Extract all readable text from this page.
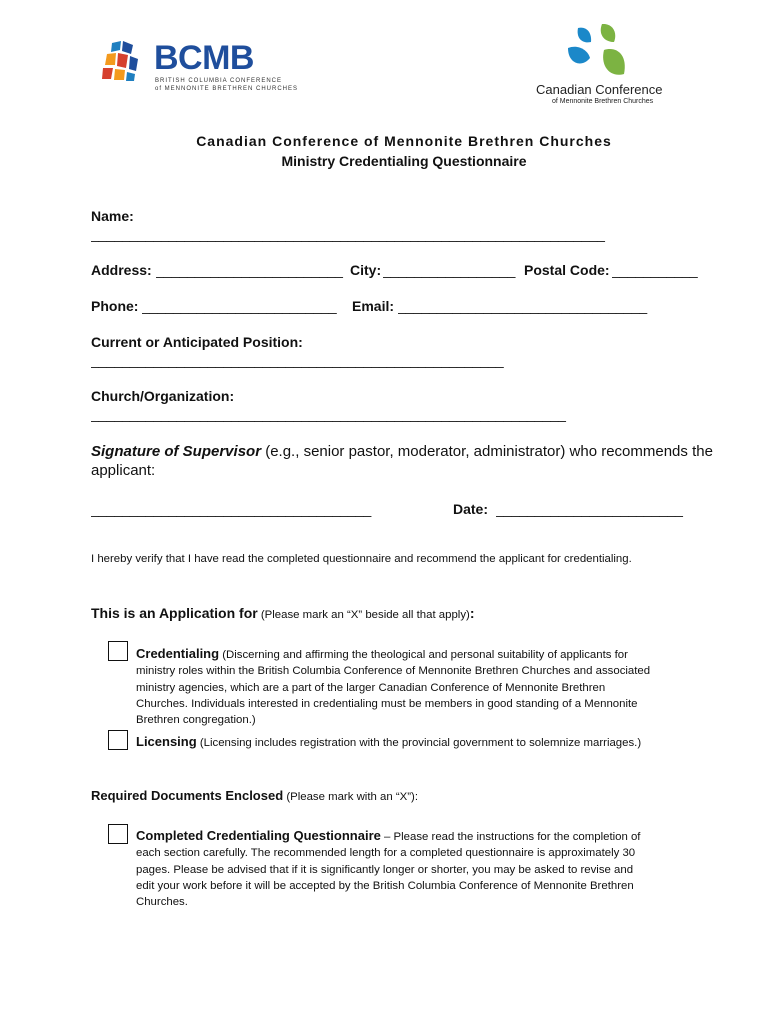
BCMB
BRITISH COLUMBIA CONFERENCE
of MENNONITE BRETHREN CHURCHES	Canadian Conference
of Mennonite Brethren Churches
Canadian Conference of Mennonite Brethren Churches
Ministry Credentialing Questionnaire
Name:
__________________________________________________________________
Address: ________________________ City: _________________ Postal Code: ___________
Phone: _________________________	Email: ________________________________
Current or Anticipated Position:
_____________________________________________________
Church/Organization:
_____________________________________________________________
Signature of Supervisor (e.g., senior pastor, moderator, administrator) who recommends the
applicant:
____________________________________	Date: ________________________
I hereby verify that I have read the completed questionnaire and recommend the applicant for credentialing.
This is an Application for (Please mark an “X” beside all that apply):
Credentialing (Discerning and affirming the theological and personal suitability of applicants for
ministry roles within the British Columbia Conference of Mennonite Brethren Churches and associated
ministry agencies, which are a part of the larger Canadian Conference of Mennonite Brethren
Churches. Individuals interested in credentialing must be members in good standing of a Mennonite
Brethren congregation.)
Licensing (Licensing includes registration with the provincial government to solemnize marriages.)
Required Documents Enclosed (Please mark with an “X”):
Completed Credentialing Questionnaire – Please read the instructions for the completion of
each section carefully. The recommended length for a completed questionnaire is approximately 30
pages. Please be advised that if it is significantly longer or shorter, you may be asked to revise and
edit your work before it will be accepted by the British Columbia Conference of Mennonite Brethren
Churches.
